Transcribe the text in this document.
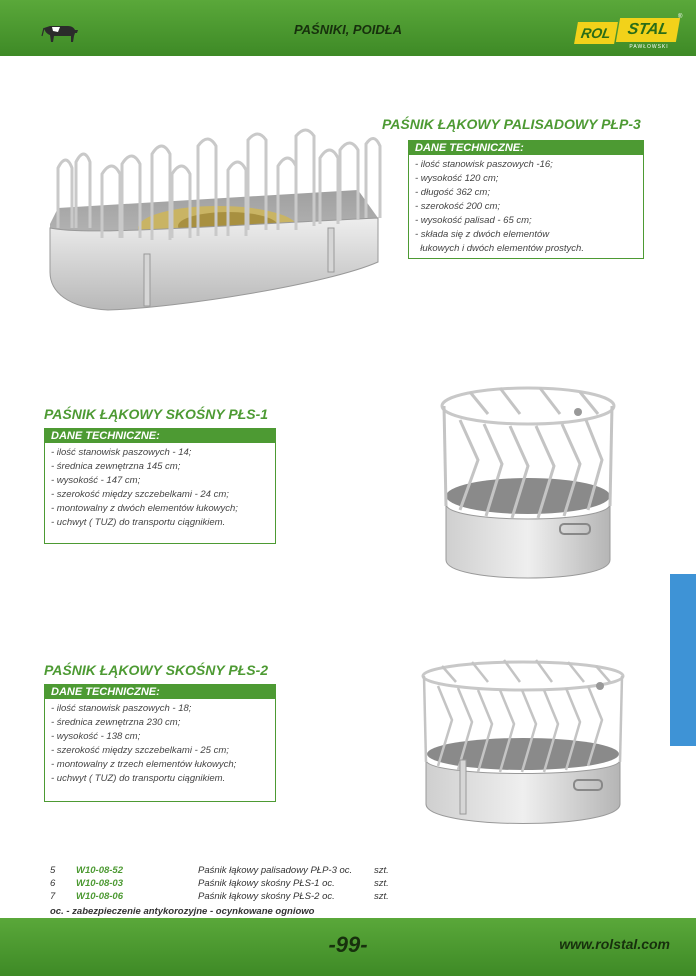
PAŚNIKI, POIDŁA	ROL STAL
PAWŁOWSKI
®
PAŚNIK ŁĄKOWY PALISADOWY PŁP-3
DANE TECHNICZNE:
- ilość stanowisk paszowych -16;
- wysokość 120 cm;
- długość 362 cm;
- szerokość 200 cm;
- wysokość palisad - 65 cm;
- składa się z dwóch elementów
łukowych i dwóch elementów prostych.
PAŚNIK ŁĄKOWY SKOŚNY PŁS-1
DANE TECHNICZNE:
- ilość stanowisk paszowych - 14;
- średnica zewnętrzna 145 cm;
- wysokość - 147 cm;
- szerokość między szczebelkami - 24 cm;
- montowalny z dwóch elementów łukowych;
- uchwyt ( TUZ) do transportu ciągnikiem.
PAŚNIK ŁĄKOWY SKOŚNY PŁS-2
DANE TECHNICZNE:
- ilość stanowisk paszowych - 18;
- średnica zewnętrzna 230 cm;
- wysokość - 138 cm;
- szerokość między szczebelkami - 25 cm;
- montowalny z trzech elementów łukowych;
- uchwyt ( TUZ) do transportu ciągnikiem.
5	W10-08-52	Paśnik łąkowy palisadowy PŁP-3 oc.	szt.
6	W10-08-03	Paśnik łąkowy skośny PŁS-1 oc.	szt.
7	W10-08-06	Paśnik łąkowy skośny PŁS-2 oc.	szt.
oc. - zabezpieczenie antykorozyjne - ocynkowane ogniowo
-99-	www.rolstal.com
